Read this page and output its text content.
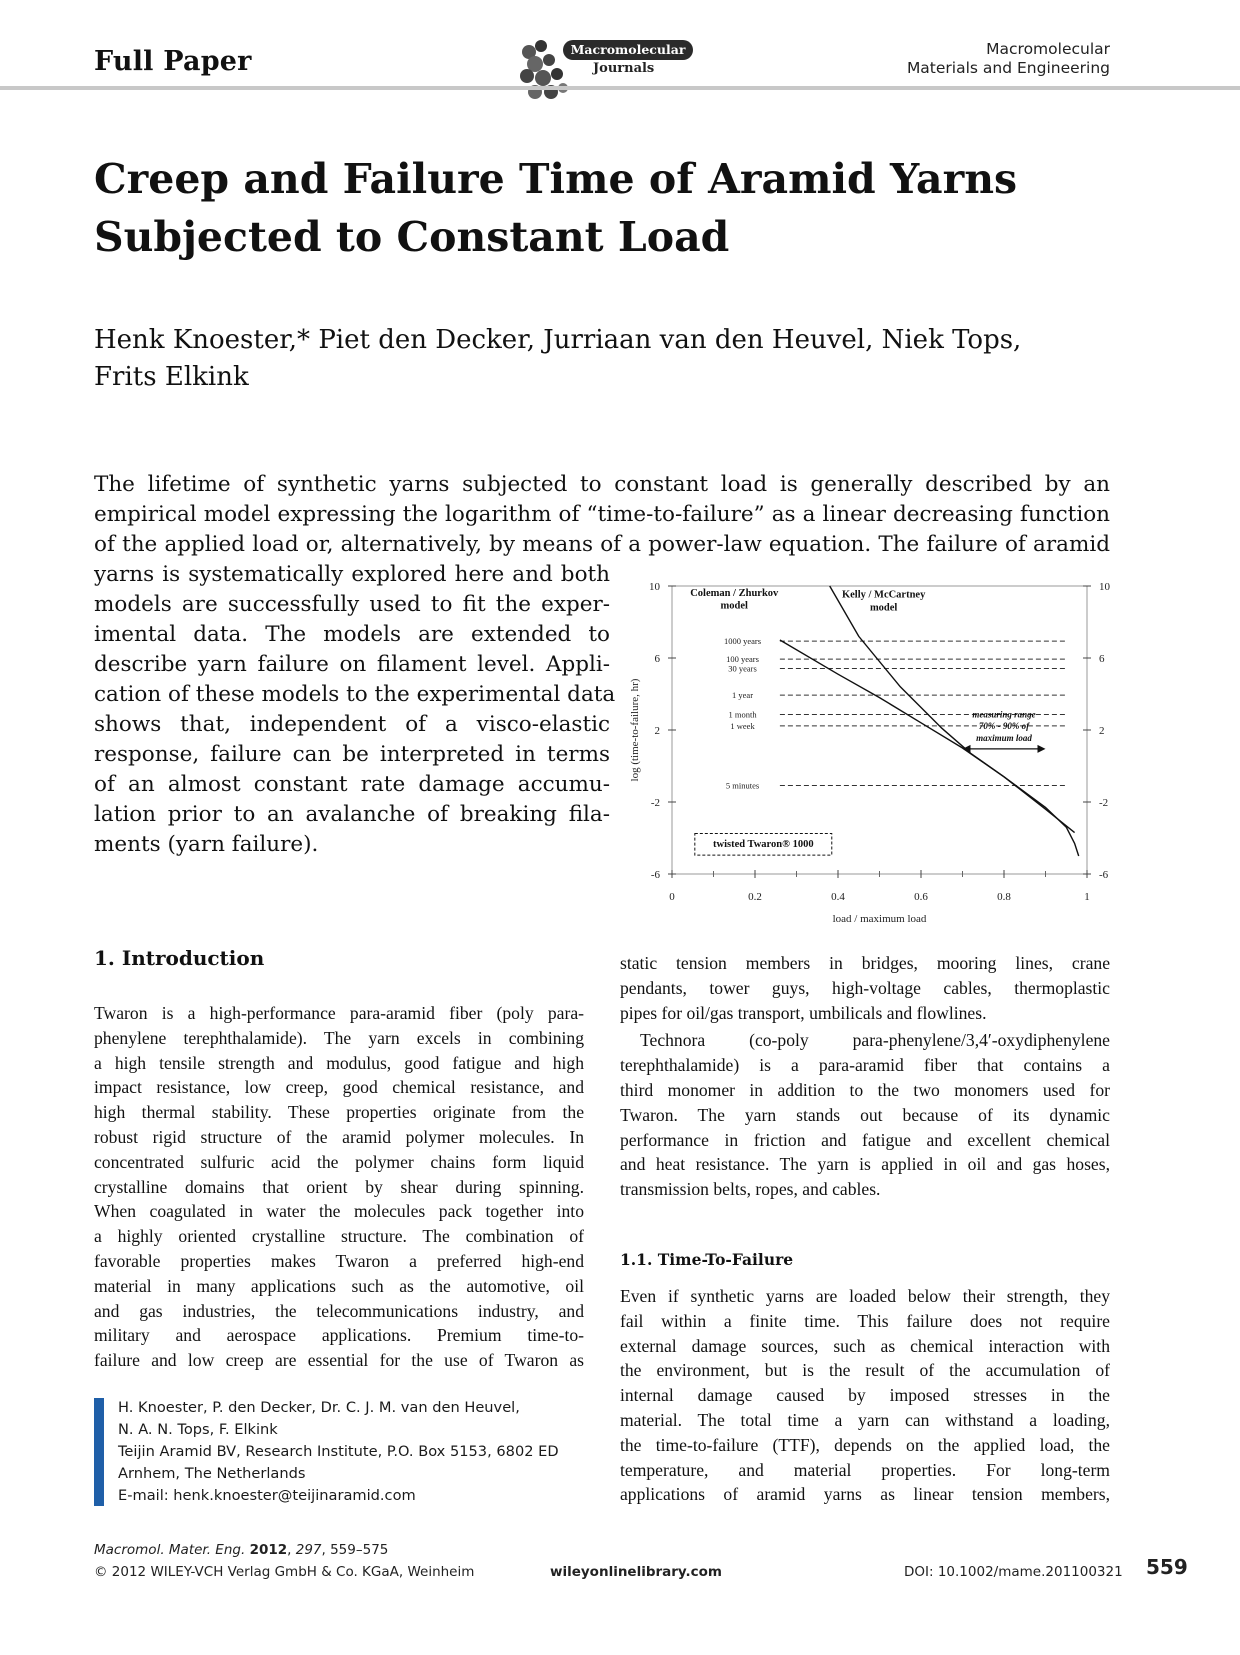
Full Paper	Macromolecular
Journals
Macromolecular
Materials and Engineering
Creep and Failure Time of Aramid Yarns
Subjected to Constant Load
Henk Knoester,* Piet den Decker, Jurriaan van den Heuvel, Niek Tops,
Frits Elkink
The lifetime of synthetic yarns subjected to constant load is generally described by an
empirical model expressing the logarithm of “time-to-failure” as a linear decreasing function
of the applied load or, alternatively, by means of a power-law equation. The failure of aramid
yarns is systematically explored here and both
models are successfully used to fit the exper-
imental data. The models are extended to
describe yarn failure on filament level. Appli-
cation of these models to the experimental data
shows that, independent of a visco-elastic
response, failure can be interpreted in terms
of an almost constant rate damage accumu-
lation prior to an avalanche of breaking fila-
ments (yarn failure).
0	0.2	0.4	0.6	0.8	1
-6
-2
2
6
10
-6
-2
2
6
10
load / maximum load
log (time-to-failure, hr)
1000 years
100 years
30 years
1 year
1 month
1 week
5 minutes
Coleman / Zhurkov
model
Kelly / McCartney
model
measuring range
70% - 90% of
maximum load
twisted Twaron® 1000
1. Introduction
Twaron is a high-performance para-aramid fiber (poly para-
phenylene terephthalamide). The yarn excels in combining
a high tensile strength and modulus, good fatigue and high
impact resistance, low creep, good chemical resistance, and
high thermal stability. These properties originate from the
robust rigid structure of the aramid polymer molecules. In
concentrated sulfuric acid the polymer chains form liquid
crystalline domains that orient by shear during spinning.
When coagulated in water the molecules pack together into
a highly oriented crystalline structure. The combination of
favorable properties makes Twaron a preferred high-end
material in many applications such as the automotive, oil
and gas industries, the telecommunications industry, and
military and aerospace applications. Premium time-to-
failure and low creep are essential for the use of Twaron as
static tension members in bridges, mooring lines, crane
pendants, tower guys, high-voltage cables, thermoplastic
pipes for oil/gas transport, umbilicals and flowlines.
Technora (co-poly para-phenylene/3,4′-oxydiphenylene
terephthalamide) is a para-aramid fiber that contains a
third monomer in addition to the two monomers used for
Twaron. The yarn stands out because of its dynamic
performance in friction and fatigue and excellent chemical
and heat resistance. The yarn is applied in oil and gas hoses,
transmission belts, ropes, and cables.
1.1. Time-To-Failure
Even if synthetic yarns are loaded below their strength, they
fail within a finite time. This failure does not require
external damage sources, such as chemical interaction with
the environment, but is the result of the accumulation of
internal damage caused by imposed stresses in the
material. The total time a yarn can withstand a loading,
the time-to-failure (TTF), depends on the applied load, the
temperature, and material properties. For long-term
applications of aramid yarns as linear tension members,
H. Knoester, P. den Decker, Dr. C. J. M. van den Heuvel,
N. A. N. Tops, F. Elkink
Teijin Aramid BV, Research Institute, P.O. Box 5153, 6802 ED
Arnhem, The Netherlands
E-mail: henk.knoester@teijinaramid.com
Macromol. Mater. Eng. 2012, 297, 559–575
© 2012 WILEY-VCH Verlag GmbH & Co. KGaA, Weinheim	wileyonlinelibrary.com	DOI: 10.1002/mame.201100321 559
